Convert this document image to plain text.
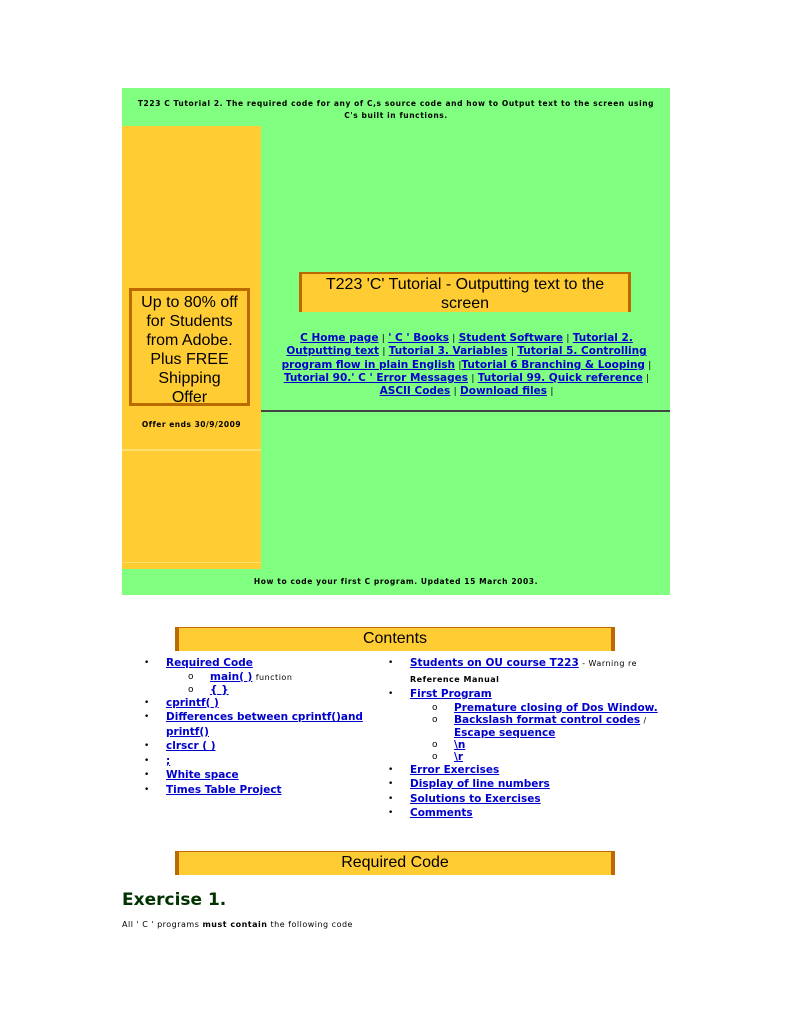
T223 C Tutorial 2. The required code for any of C,s source code and how to Output text to the screen using
C's built in functions.
Up to 80% off
for Students
from Adobe.
Plus FREE
Shipping
Offer
Offer ends 30/9/2009
T223 'C' Tutorial - Outputting text to the
screen
C Home page | ' C ' Books | Student Software | Tutorial 2. Outputting text | Tutorial 3. Variables | Tutorial 5. Controlling program flow in plain English |Tutorial 6 Branching & Looping | Tutorial 90.' C ' Error Messages | Tutorial 99. Quick reference | ASCII Codes | Download files |
How to code your first C program. Updated 15 March 2003.
Contents
• Required Code
o main( ) function
o { }
• cprintf( )
• Differences between cprintf()and printf()
• clrscr ( )
• ;
• White space
• Times Table Project
• Students on OU course T223 - Warning re Reference Manual
• First Program
o Premature closing of Dos Window.
o Backslash format control codes / Escape sequence
o \n
o \r
• Error Exercises
• Display of line numbers
• Solutions to Exercises
• Comments
Required Code
Exercise 1.
All ' C ' programs must contain the following code
